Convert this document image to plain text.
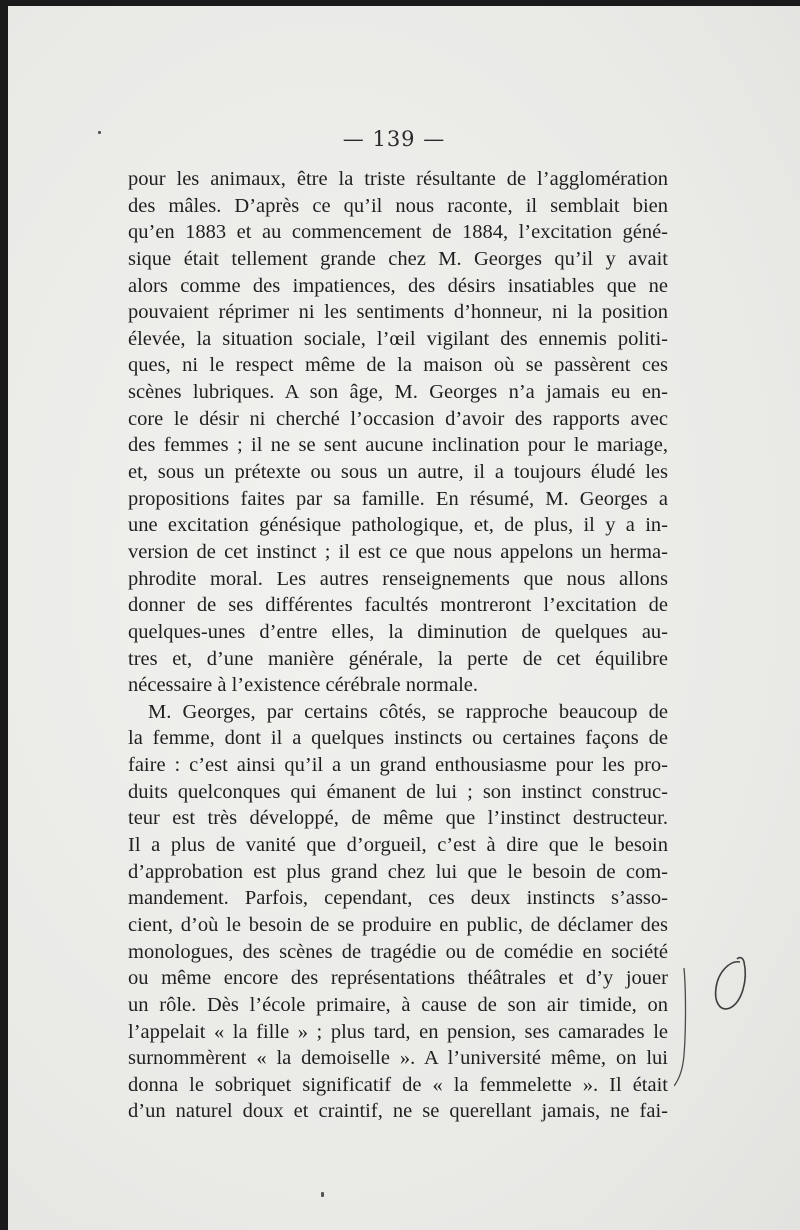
— 139 —
pour les animaux, être la triste résultante de l’agglomération
des mâles. D’après ce qu’il nous raconte, il semblait bien
qu’en 1883 et au commencement de 1884, l’excitation géné-
sique était tellement grande chez M. Georges qu’il y avait
alors comme des impatiences, des désirs insatiables que ne
pouvaient réprimer ni les sentiments d’honneur, ni la position
élevée, la situation sociale, l’œil vigilant des ennemis politi-
ques, ni le respect même de la maison où se passèrent ces
scènes lubriques. A son âge, M. Georges n’a jamais eu en-
core le désir ni cherché l’occasion d’avoir des rapports avec
des femmes ; il ne se sent aucune inclination pour le mariage,
et, sous un prétexte ou sous un autre, il a toujours éludé les
propositions faites par sa famille. En résumé, M. Georges a
une excitation génésique pathologique, et, de plus, il y a in-
version de cet instinct ; il est ce que nous appelons un herma-
phrodite moral. Les autres renseignements que nous allons
donner de ses différentes facultés montreront l’excitation de
quelques-unes d’entre elles, la diminution de quelques au-
tres et, d’une manière générale, la perte de cet équilibre
nécessaire à l’existence cérébrale normale.
M. Georges, par certains côtés, se rapproche beaucoup de
la femme, dont il a quelques instincts ou certaines façons de
faire : c’est ainsi qu’il a un grand enthousiasme pour les pro-
duits quelconques qui émanent de lui ; son instinct construc-
teur est très développé, de même que l’instinct destructeur.
Il a plus de vanité que d’orgueil, c’est à dire que le besoin
d’approbation est plus grand chez lui que le besoin de com-
mandement. Parfois, cependant, ces deux instincts s’asso-
cient, d’où le besoin de se produire en public, de déclamer des
monologues, des scènes de tragédie ou de comédie en société
ou même encore des représentations théâtrales et d’y jouer
un rôle. Dès l’école primaire, à cause de son air timide, on
l’appelait « la fille » ; plus tard, en pension, ses camarades le
surnommèrent « la demoiselle ». A l’université même, on lui
donna le sobriquet significatif de « la femmelette ». Il était
d’un naturel doux et craintif, ne se querellant jamais, ne fai-
